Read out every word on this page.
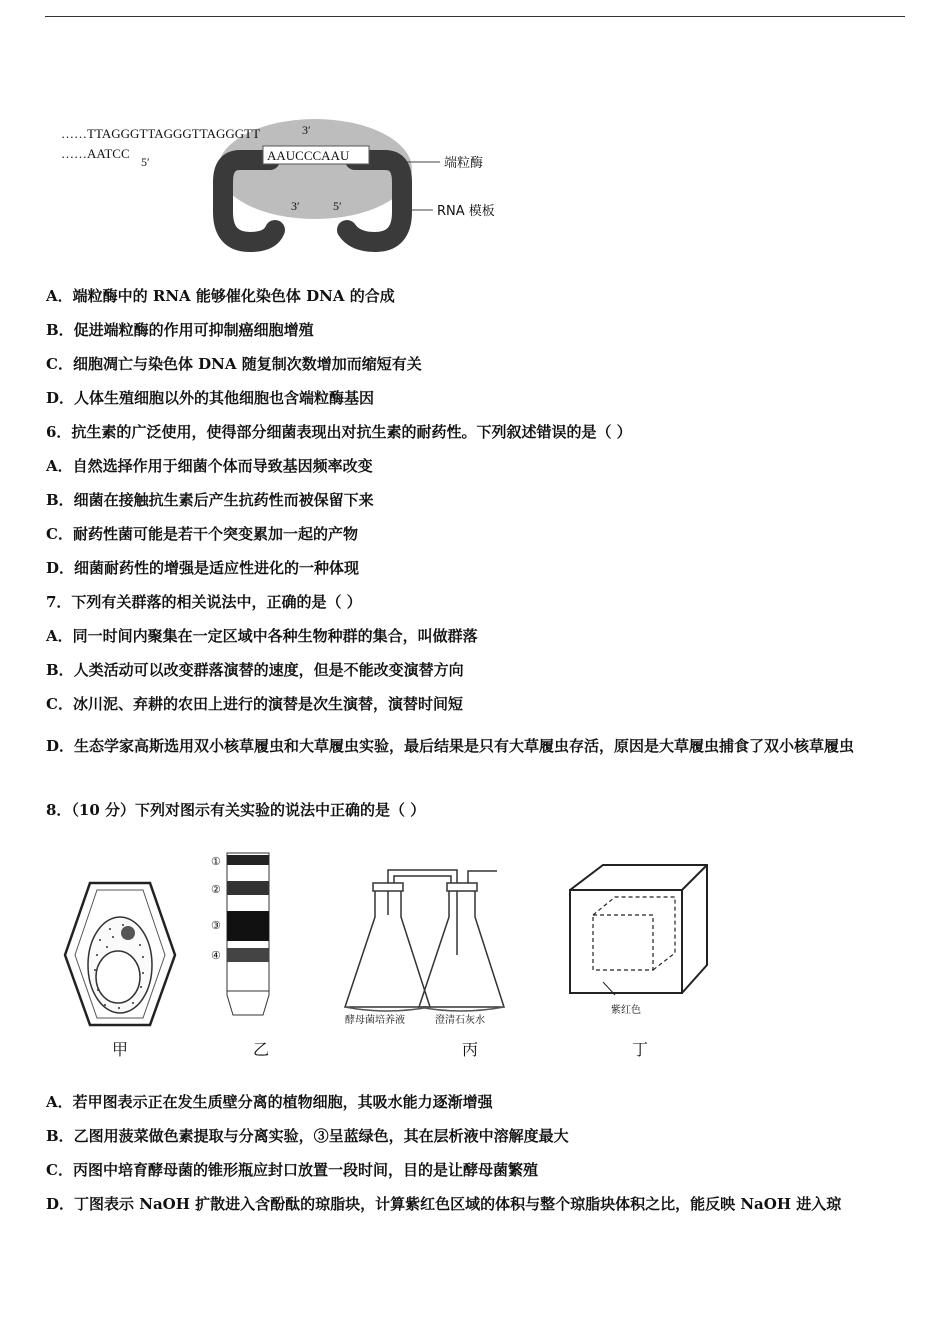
AAUCCCAAU
……TTAGGGTTAGGGTTAGGGTT	3′
……AATCC
5′
3′	5′
端粒酶
RNA 模板
A．端粒酶中的 RNA 能够催化染色体 DNA 的合成
B．促进端粒酶的作用可抑制癌细胞增殖
C．细胞凋亡与染色体 DNA 随复制次数增加而缩短有关
D．人体生殖细胞以外的其他细胞也含端粒酶基因
6．抗生素的广泛使用，使得部分细菌表现出对抗生素的耐药性。下列叙述错误的是（ ）
A．自然选择作用于细菌个体而导致基因频率改变
B．细菌在接触抗生素后产生抗药性而被保留下来
C．耐药性菌可能是若干个突变累加一起的产物
D．细菌耐药性的增强是适应性进化的一种体现
7．下列有关群落的相关说法中，正确的是（ ）
A．同一时间内聚集在一定区域中各种生物种群的集合，叫做群落
B．人类活动可以改变群落演替的速度，但是不能改变演替方向
C．冰川泥、弃耕的农田上进行的演替是次生演替，演替时间短
D．生态学家高斯选用双小核草履虫和大草履虫实验，最后结果是只有大草履虫存活，原因是大草履虫捕食了双小核草履虫
8．（10 分）下列对图示有关实验的说法中正确的是（ ）
①
②
③
④
酵母菌培养液	澄清石灰水
紫红色
甲	乙	丙	丁
A．若甲图表示正在发生质壁分离的植物细胞，其吸水能力逐渐增强
B．乙图用菠菜做色素提取与分离实验，③呈蓝绿色，其在层析液中溶解度最大
C．丙图中培育酵母菌的锥形瓶应封口放置一段时间，目的是让酵母菌繁殖
D．丁图表示 NaOH 扩散进入含酚酞的琼脂块，计算紫红色区域的体积与整个琼脂块体积之比，能反映 NaOH 进入琼
